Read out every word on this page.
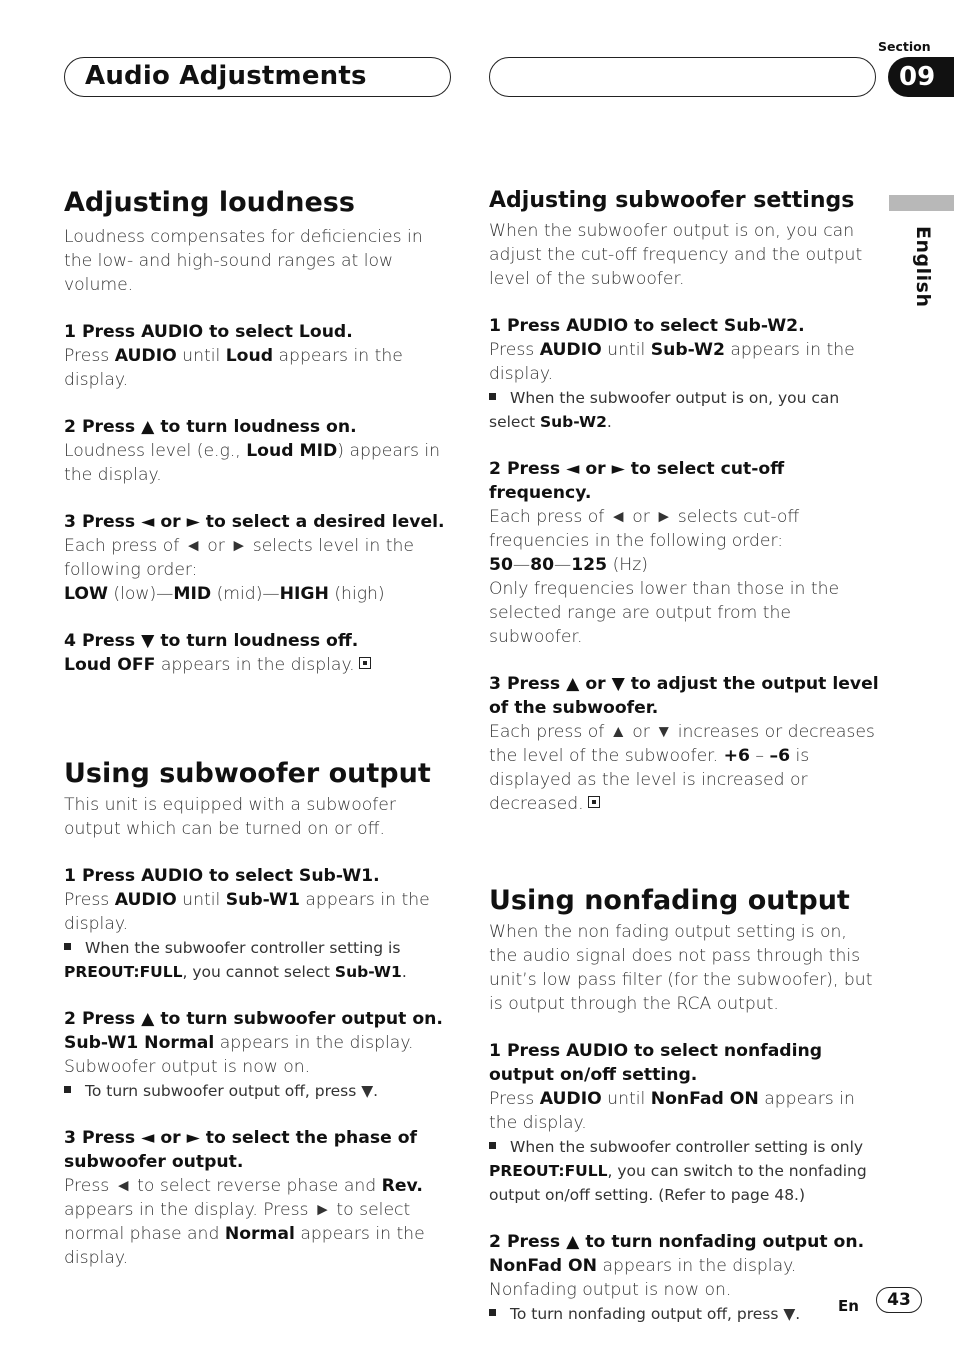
Audio Adjustments
Section
09
English
Adjusting loudness

Loudness compensates for deficiencies in the low- and high-sound ranges at low volume.

1 Press AUDIO to select Loud.

Press AUDIO until Loud appears in the display.

2 Press ▲ to turn loudness on.

Loudness level (e.g., Loud MID) appears in the display.

3 Press ◄ or ► to select a desired level.

Each press of ◄ or ► selects level in the following order:

LOW (low)—MID (mid)—HIGH (high)

4 Press ▼ to turn loudness off.

Loud OFF appears in the display.

Using subwoofer output

This unit is equipped with a subwoofer output which can be turned on or off.

1 Press AUDIO to select Sub-W1.

Press AUDIO until Sub-W1 appears in the display.

When the subwoofer controller setting is PREOUT:FULL, you cannot select Sub-W1.

2 Press ▲ to turn subwoofer output on.

Sub-W1 Normal appears in the display. Subwoofer output is now on.

To turn subwoofer output off, press ▼.

3 Press ◄ or ► to select the phase of subwoofer output.

Press ◄ to select reverse phase and Rev. appears in the display. Press ► to select normal phase and Normal appears in the display.

Adjusting subwoofer settings

When the subwoofer output is on, you can adjust the cut-off frequency and the output level of the subwoofer.

1 Press AUDIO to select Sub-W2.

Press AUDIO until Sub-W2 appears in the display.

When the subwoofer output is on, you can select Sub-W2.

2 Press ◄ or ► to select cut-off frequency.

Each press of ◄ or ► selects cut-off frequencies in the following order:

50—80—125 (Hz)

Only frequencies lower than those in the selected range are output from the subwoofer.

3 Press ▲ or ▼ to adjust the output level of the subwoofer.

Each press of ▲ or ▼ increases or decreases the level of the subwoofer. +6 – –6 is displayed as the level is increased or decreased.

Using nonfading output

When the non fading output setting is on, the audio signal does not pass through this unit’s low pass filter (for the subwoofer), but is output through the RCA output.

1 Press AUDIO to select nonfading output on/off setting.

Press AUDIO until NonFad ON appears in the display.

When the subwoofer controller setting is only PREOUT:FULL, you can switch to the nonfading output on/off setting. (Refer to page 48.)

2 Press ▲ to turn nonfading output on.

NonFad ON appears in the display. Nonfading output is now on.

To turn nonfading output off, press ▼.	En	43
